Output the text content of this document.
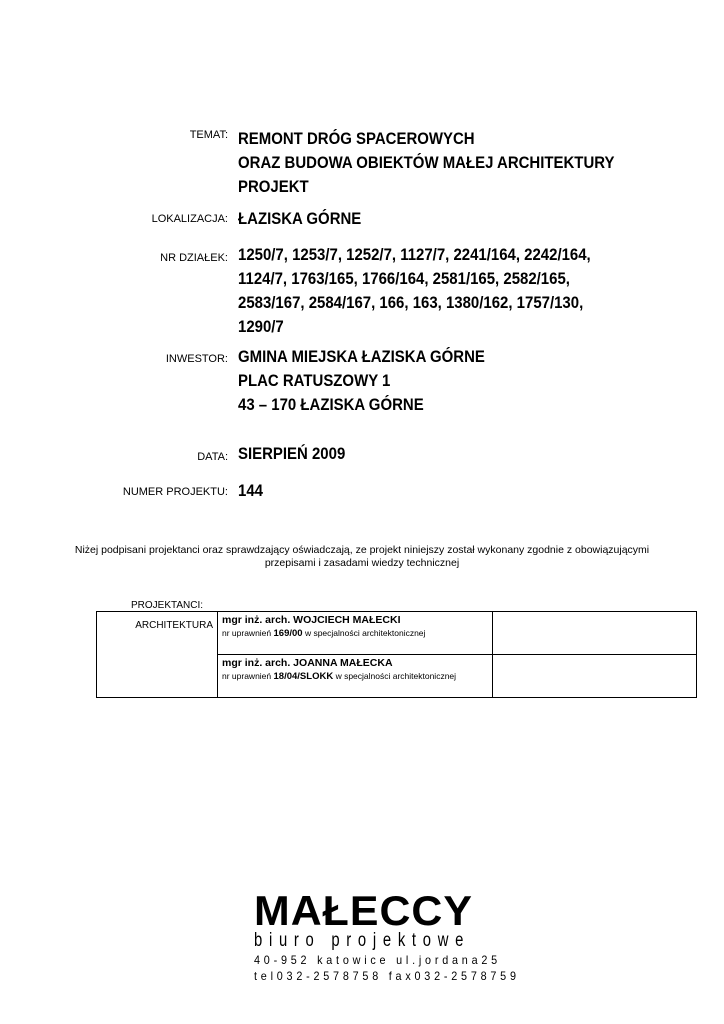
TEMAT: REMONT DRÓG SPACEROWYCH
ORAZ BUDOWA OBIEKTÓW MAŁEJ ARCHITEKTURY
PROJEKT
LOKALIZACJA: ŁAZISKA GÓRNE
NR DZIAŁEK: 1250/7, 1253/7, 1252/7, 1127/7, 2241/164, 2242/164,
1124/7, 1763/165, 1766/164, 2581/165, 2582/165,
2583/167, 2584/167, 166, 163, 1380/162, 1757/130,
1290/7
INWESTOR: GMINA MIEJSKA ŁAZISKA GÓRNE
PLAC RATUSZOWY 1
43 – 170 ŁAZISKA GÓRNE
DATA: SIERPIEŃ 2009
NUMER PROJEKTU: 144
Niżej podpisani projektanci oraz sprawdzający oświadczają, ze projekt niniejszy został wykonany zgodnie z obowiązującymi
przepisami i zasadami wiedzy technicznej
PROJEKTANCI:
ARCHITEKTURA	mgr inż. arch. WOJCIECH MAŁECKI
nr uprawnień 169/00 w specjalności architektonicznej	

	mgr inż. arch. JOANNA MAŁECKA
nr uprawnień 18/04/SLOKK w specjalności architektonicznej	

MAŁECCY
biuro projektowe
40-952 katowice ul.jordana25
tel032-2578758 fax032-2578759
